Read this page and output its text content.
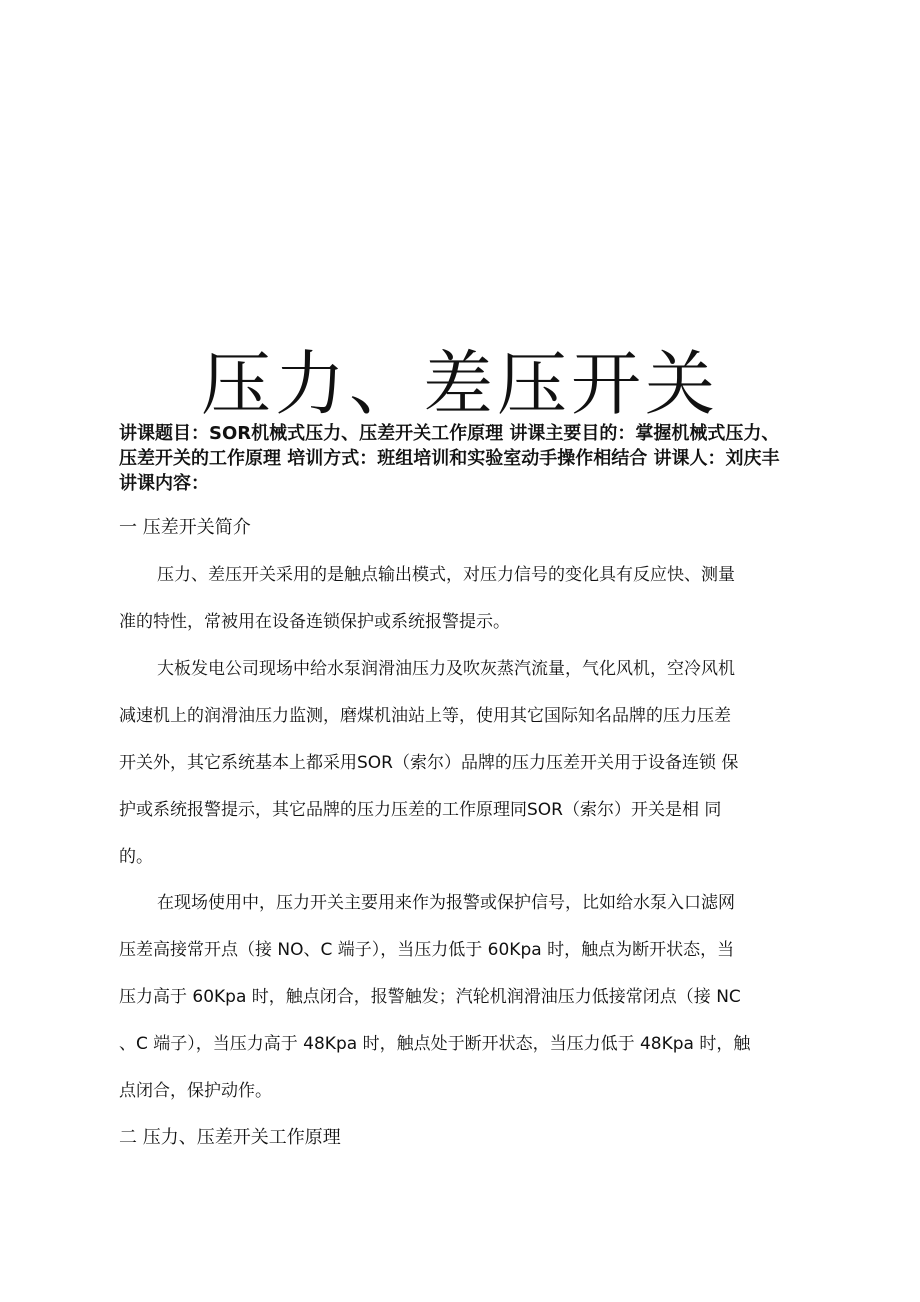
压力、差压开关
讲课题目：SOR机械式压力、压差开关工作原理 讲课主要目的：掌握机械式压力、
压差开关的工作原理 培训方式：班组培训和实验室动手操作相结合 讲课人：刘庆丰
讲课内容：
一 压差开关简介
压力、差压开关采用的是触点输出模式，对压力信号的变化具有反应快、测量
准的特性，常被用在设备连锁保护或系统报警提示。
大板发电公司现场中给水泵润滑油压力及吹灰蒸汽流量，气化风机，空冷风机
减速机上的润滑油压力监测，磨煤机油站上等，使用其它国际知名品牌的压力压差
开关外，其它系统基本上都采用SOR（索尔）品牌的压力压差开关用于设备连锁 保
护或系统报警提示，其它品牌的压力压差的工作原理同SOR（索尔）开关是相 同
的。
在现场使用中，压力开关主要用来作为报警或保护信号，比如给水泵入口滤网
压差高接常开点（接 NO、C 端子），当压力低于 60Kpa 时，触点为断开状态，当
压力高于 60Kpa 时，触点闭合，报警触发；汽轮机润滑油压力低接常闭点（接 NC
、C 端子），当压力高于 48Kpa 时，触点处于断开状态，当压力低于 48Kpa 时，触
点闭合，保护动作。
二 压力、压差开关工作原理
